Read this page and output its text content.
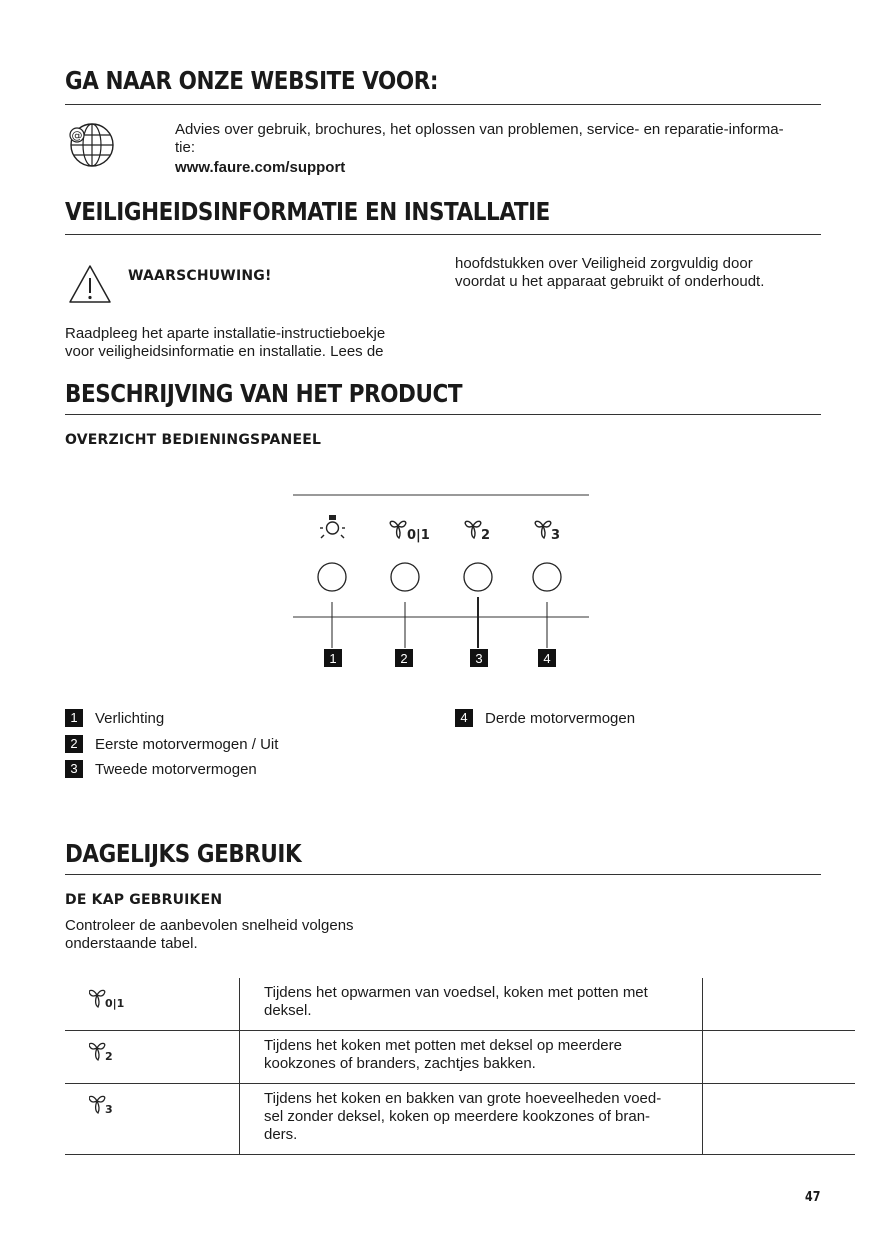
GA NAAR ONZE WEBSITE VOOR:
@	Advies over gebruik, brochures, het oplossen van problemen, service- en reparatie-informa-
tie:
www.faure.com/support
VEILIGHEIDSINFORMATIE EN INSTALLATIE
WAARSCHUWING!
hoofdstukken over Veiligheid zorgvuldig door
voordat u het apparaat gebruikt of onderhoudt.
Raadpleeg het aparte installatie-instructieboekje
voor veiligheidsinformatie en installatie. Lees de
BESCHRIJVING VAN HET PRODUCT
OVERZICHT BEDIENINGSPANEEL
0|1	2	3
1	2	3	4
1	Verlichting
2	Eerste motorvermogen / Uit
3	Tweede motorvermogen
4	Derde motorvermogen
DAGELIJKS GEBRUIK
DE KAP GEBRUIKEN
Controleer de aanbevolen snelheid volgens
onderstaande tabel.
0|1	Tijdens het opwarmen van voedsel, koken met potten met
deksel.	

2	Tijdens het koken met potten met deksel op meerdere
kookzones of branders, zachtjes bakken.	

3	Tijdens het koken en bakken van grote hoeveelheden voed-
sel zonder deksel, koken op meerdere kookzones of bran-
ders.	

47
